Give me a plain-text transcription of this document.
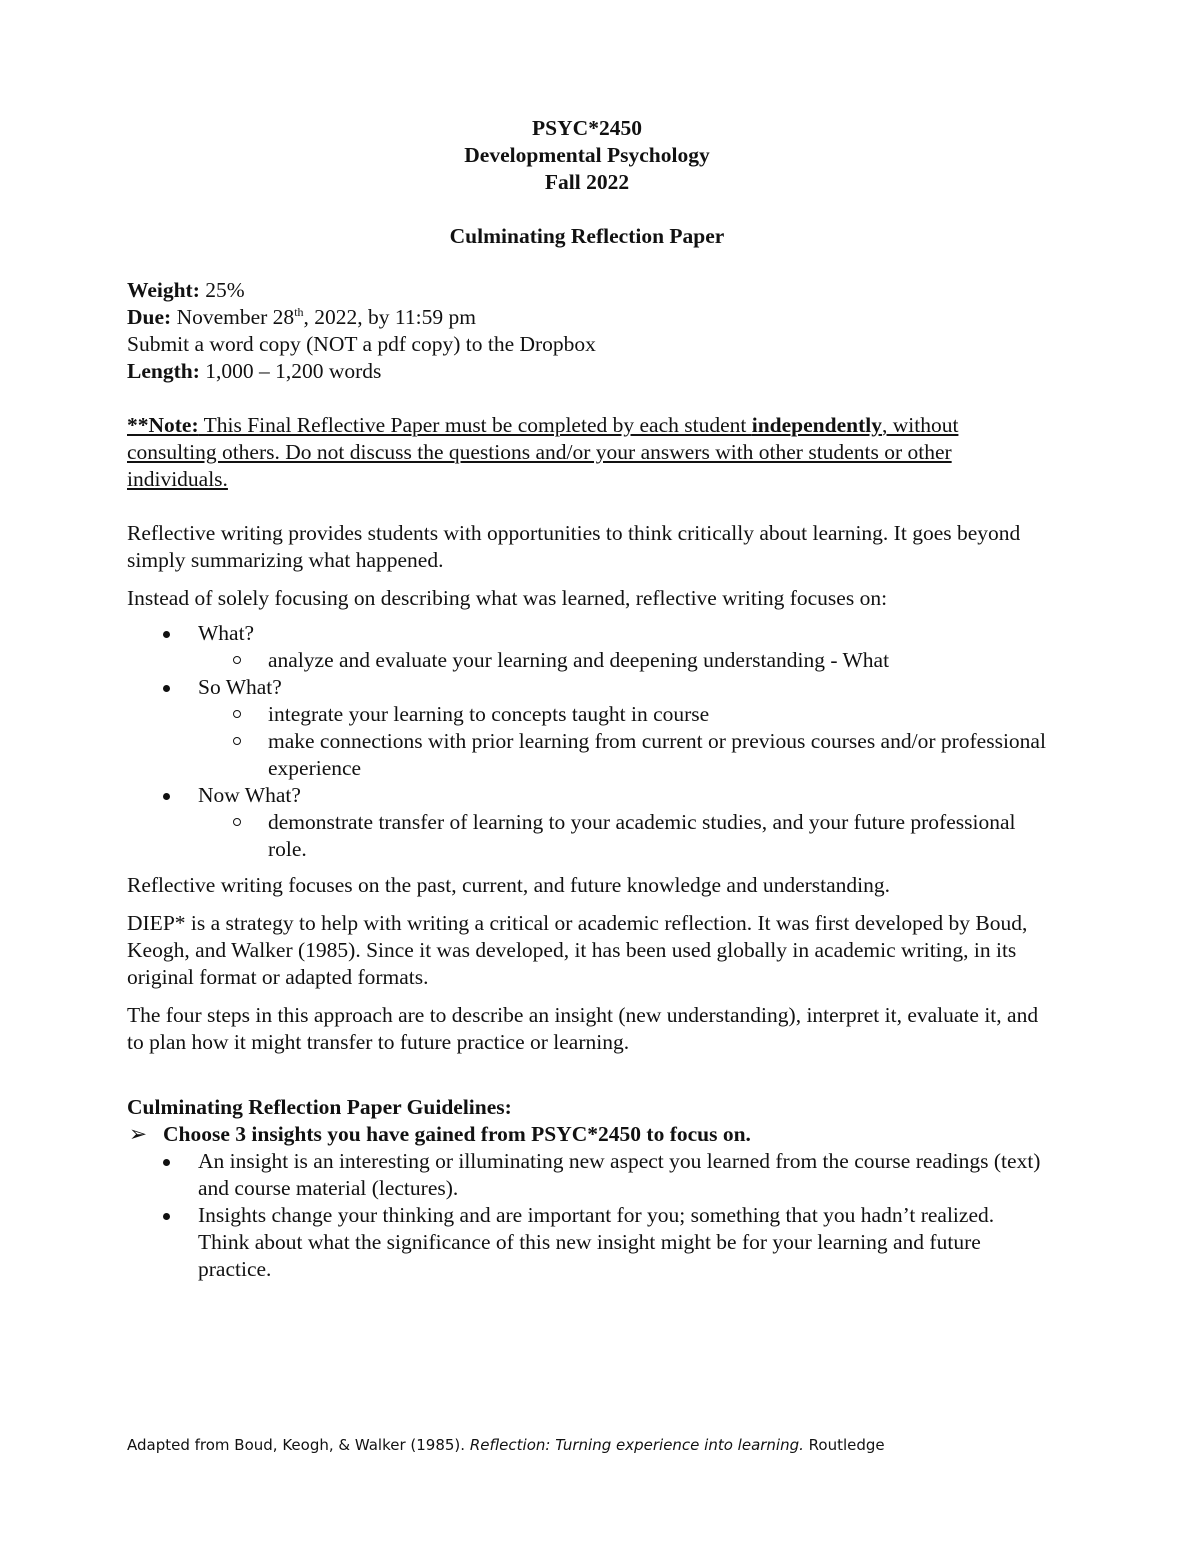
PSYC*2450
Developmental Psychology
Fall 2022
Culminating Reflection Paper
Weight: 25%
Due: November 28th, 2022, by 11:59 pm
Submit a word copy (NOT a pdf copy) to the Dropbox
Length: 1,000 – 1,200 words
**Note: This Final Reflective Paper must be completed by each student independently, without consulting others. Do not discuss the questions and/or your answers with other students or other individuals.

Reflective writing provides students with opportunities to think critically about learning. It goes beyond simply summarizing what happened.

Instead of solely focusing on describing what was learned, reflective writing focuses on:

What?
analyze and evaluate your learning and deepening understanding - What
So What?
integrate your learning to concepts taught in course
make connections with prior learning from current or previous courses and/or professional experience
Now What?
demonstrate transfer of learning to your academic studies, and your future professional role.

Reflective writing focuses on the past, current, and future knowledge and understanding.

DIEP* is a strategy to help with writing a critical or academic reflection. It was first developed by Boud, Keogh, and Walker (1985). Since it was developed, it has been used globally in academic writing, in its original format or adapted formats.

The four steps in this approach are to describe an insight (new understanding), interpret it, evaluate it, and to plan how it might transfer to future practice or learning.

Culminating Reflection Paper Guidelines:
➢ Choose 3 insights you have gained from PSYC*2450 to focus on.
An insight is an interesting or illuminating new aspect you learned from the course readings (text) and course material (lectures).
Insights change your thinking and are important for you; something that you hadn’t realized. Think about what the significance of this new insight might be for your learning and future practice.
Adapted from Boud, Keogh, & Walker (1985). Reflection: Turning experience into learning. Routledge
